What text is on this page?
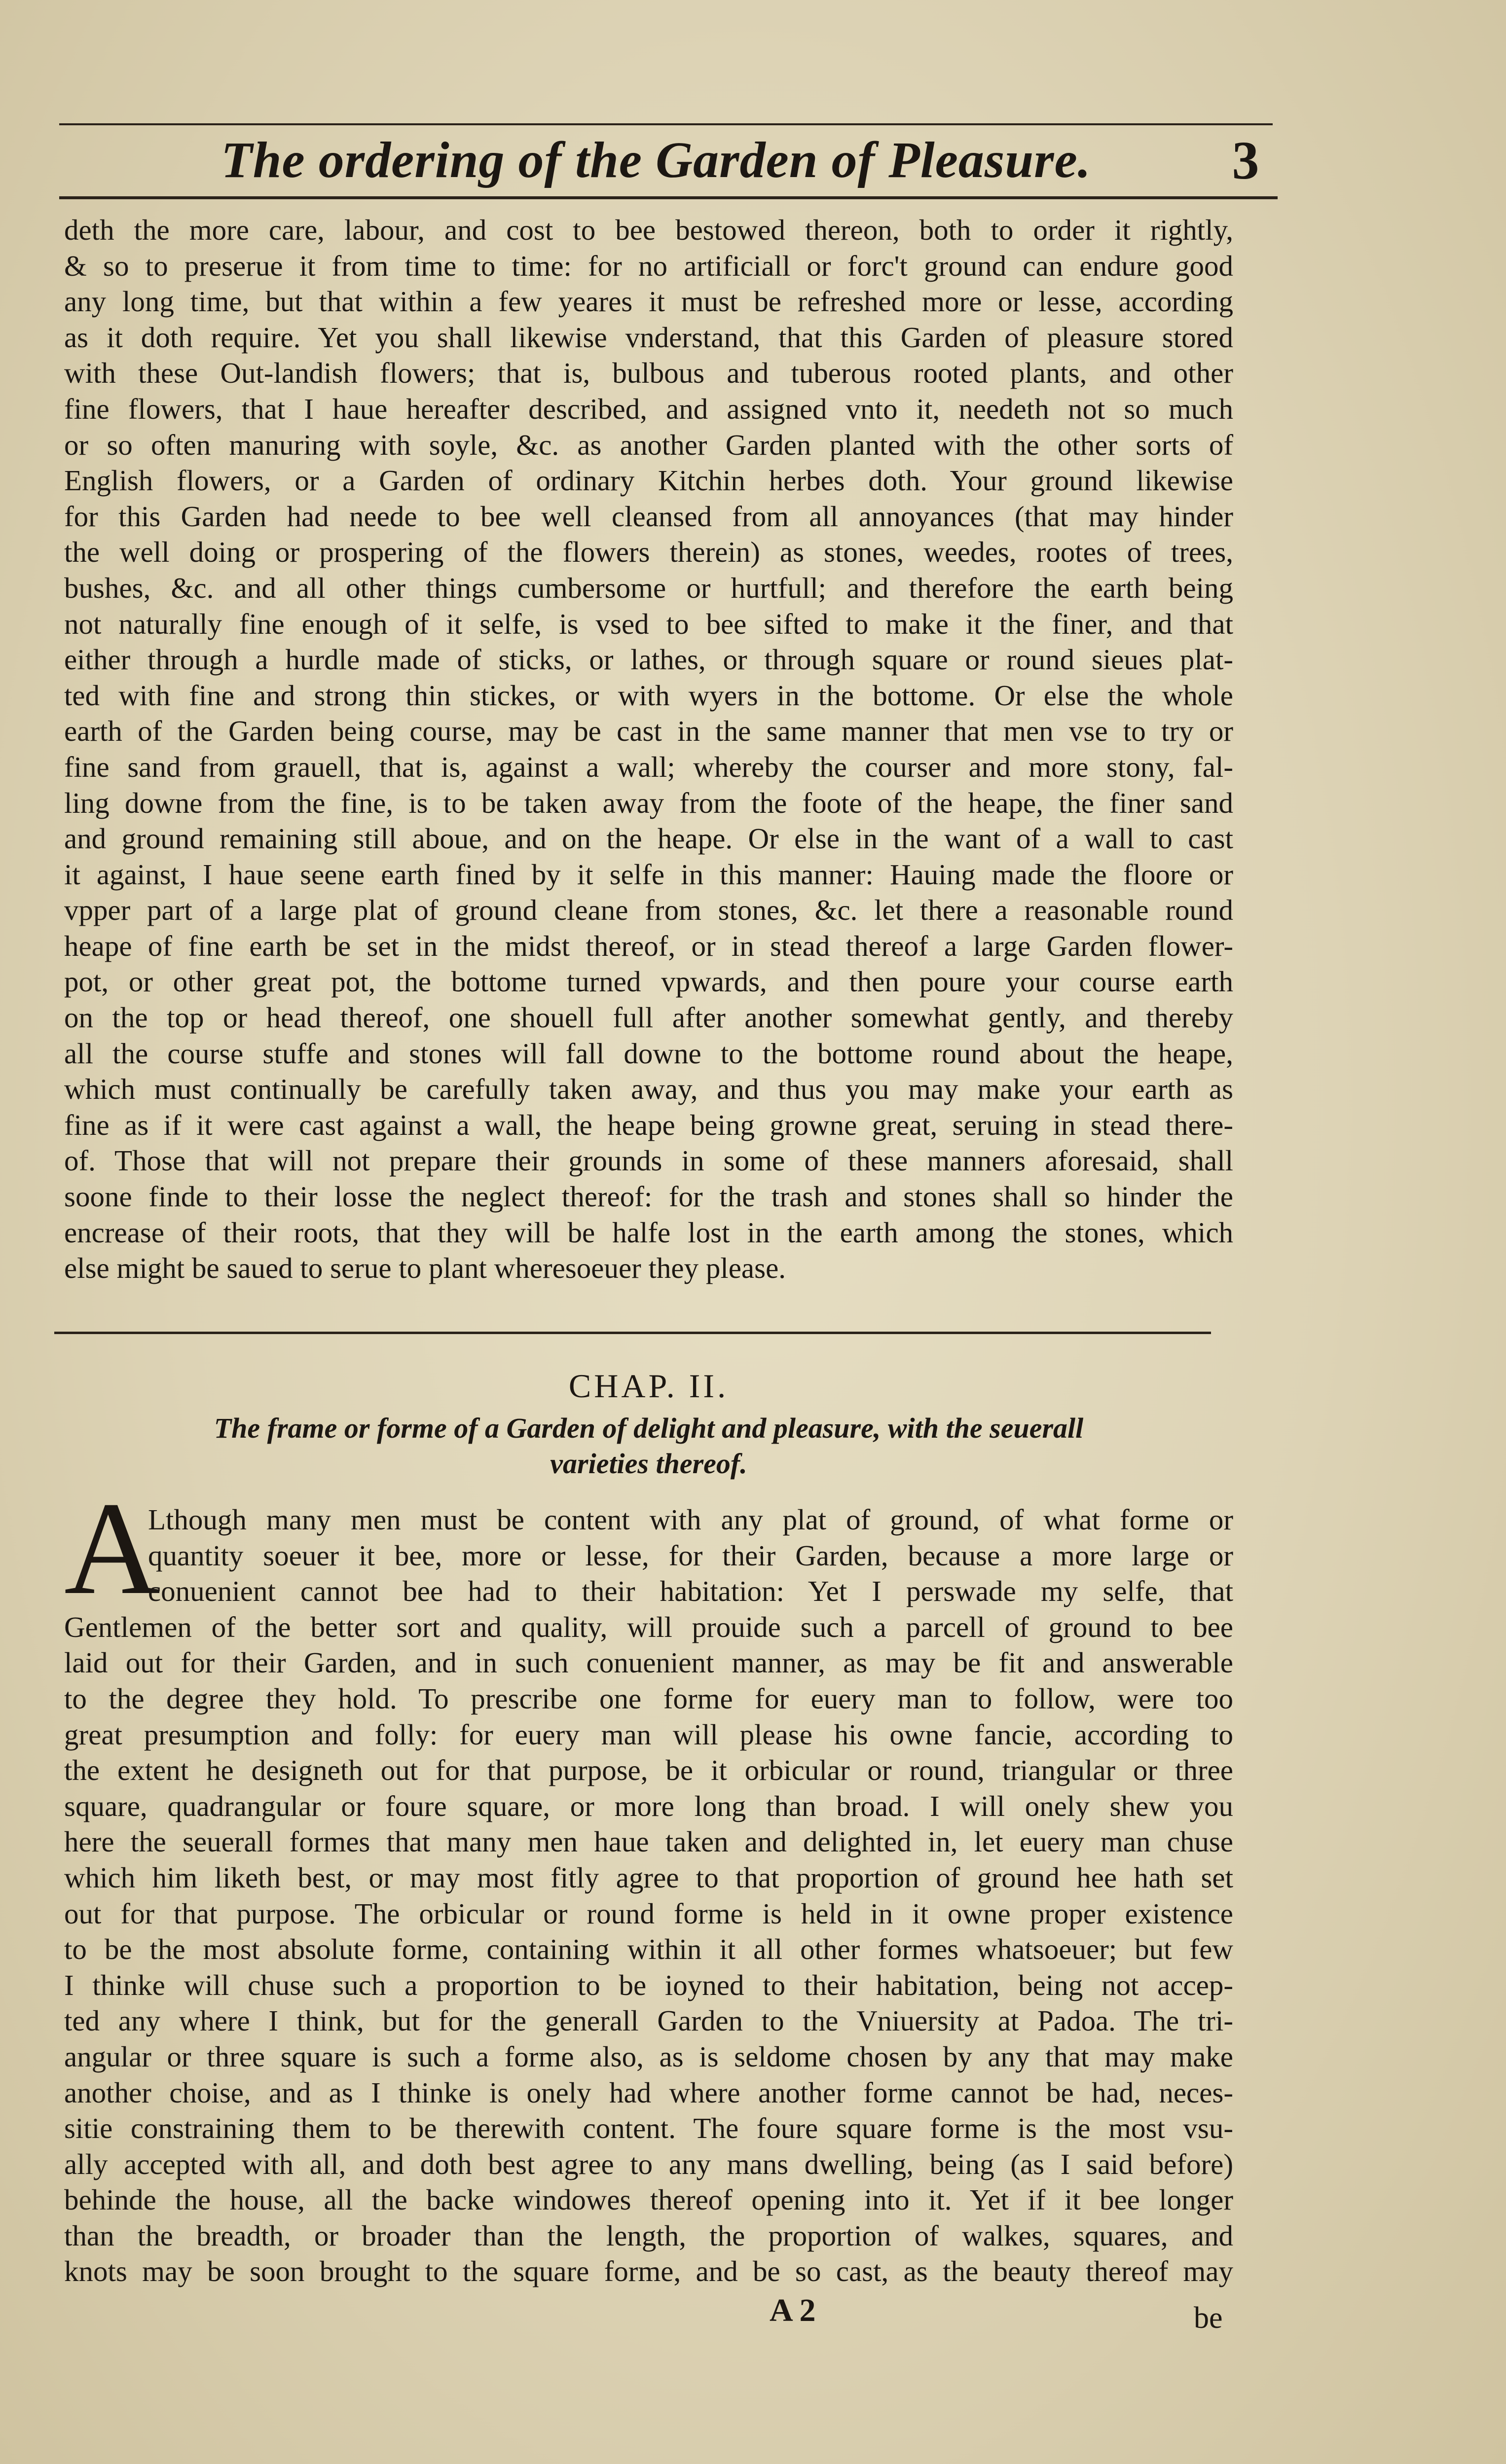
The ordering of the Garden of Pleasure.	3
deth the more care, labour, and cost to bee bestowed thereon, both to order it rightly,
& so to preserue it from time to time: for no artificiall or forc't ground can endure good
any long time, but that within a few yeares it must be refreshed more or lesse, according
as it doth require. Yet you shall likewise vnderstand, that this Garden of pleasure stored
with these Out-landish flowers; that is, bulbous and tuberous rooted plants, and other
fine flowers, that I haue hereafter described, and assigned vnto it, needeth not so much
or so often manuring with soyle, &c. as another Garden planted with the other sorts of
English flowers, or a Garden of ordinary Kitchin herbes doth. Your ground likewise
for this Garden had neede to bee well cleansed from all annoyances (that may hinder
the well doing or prospering of the flowers therein) as stones, weedes, rootes of trees,
bushes, &c. and all other things cumbersome or hurtfull; and therefore the earth being
not naturally fine enough of it selfe, is vsed to bee sifted to make it the finer, and that
either through a hurdle made of sticks, or lathes, or through square or round sieues plat-
ted with fine and strong thin stickes, or with wyers in the bottome. Or else the whole
earth of the Garden being course, may be cast in the same manner that men vse to try or
fine sand from grauell, that is, against a wall; whereby the courser and more stony, fal-
ling downe from the fine, is to be taken away from the foote of the heape, the finer sand
and ground remaining still aboue, and on the heape. Or else in the want of a wall to cast
it against, I haue seene earth fined by it selfe in this manner: Hauing made the floore or
vpper part of a large plat of ground cleane from stones, &c. let there a reasonable round
heape of fine earth be set in the midst thereof, or in stead thereof a large Garden flower-
pot, or other great pot, the bottome turned vpwards, and then poure your course earth
on the top or head thereof, one shouell full after another somewhat gently, and thereby
all the course stuffe and stones will fall downe to the bottome round about the heape,
which must continually be carefully taken away, and thus you may make your earth as
fine as if it were cast against a wall, the heape being growne great, seruing in stead there-
of. Those that will not prepare their grounds in some of these manners aforesaid, shall
soone finde to their losse the neglect thereof: for the trash and stones shall so hinder the
encrease of their roots, that they will be halfe lost in the earth among the stones, which
else might be saued to serue to plant wheresoeuer they please.
CHAP. II.
The frame or forme of a Garden of delight and pleasure, with the seuerall
varieties thereof.
A
Lthough many men must be content with any plat of ground, of what forme or
quantity soeuer it bee, more or lesse, for their Garden, because a more large or
conuenient cannot bee had to their habitation: Yet I perswade my selfe, that
Gentlemen of the better sort and quality, will prouide such a parcell of ground to bee
laid out for their Garden, and in such conuenient manner, as may be fit and answerable
to the degree they hold. To prescribe one forme for euery man to follow, were too
great presumption and folly: for euery man will please his owne fancie, according to
the extent he designeth out for that purpose, be it orbicular or round, triangular or three
square, quadrangular or foure square, or more long than broad. I will onely shew you
here the seuerall formes that many men haue taken and delighted in, let euery man chuse
which him liketh best, or may most fitly agree to that proportion of ground hee hath set
out for that purpose. The orbicular or round forme is held in it owne proper existence
to be the most absolute forme, containing within it all other formes whatsoeuer; but few
I thinke will chuse such a proportion to be ioyned to their habitation, being not accep-
ted any where I think, but for the generall Garden to the Vniuersity at Padoa. The tri-
angular or three square is such a forme also, as is seldome chosen by any that may make
another choise, and as I thinke is onely had where another forme cannot be had, neces-
sitie constraining them to be therewith content. The foure square forme is the most vsu-
ally accepted with all, and doth best agree to any mans dwelling, being (as I said before)
behinde the house, all the backe windowes thereof opening into it. Yet if it bee longer
than the breadth, or broader than the length, the proportion of walkes, squares, and
knots may be soon brought to the square forme, and be so cast, as the beauty thereof may
A 2	be
